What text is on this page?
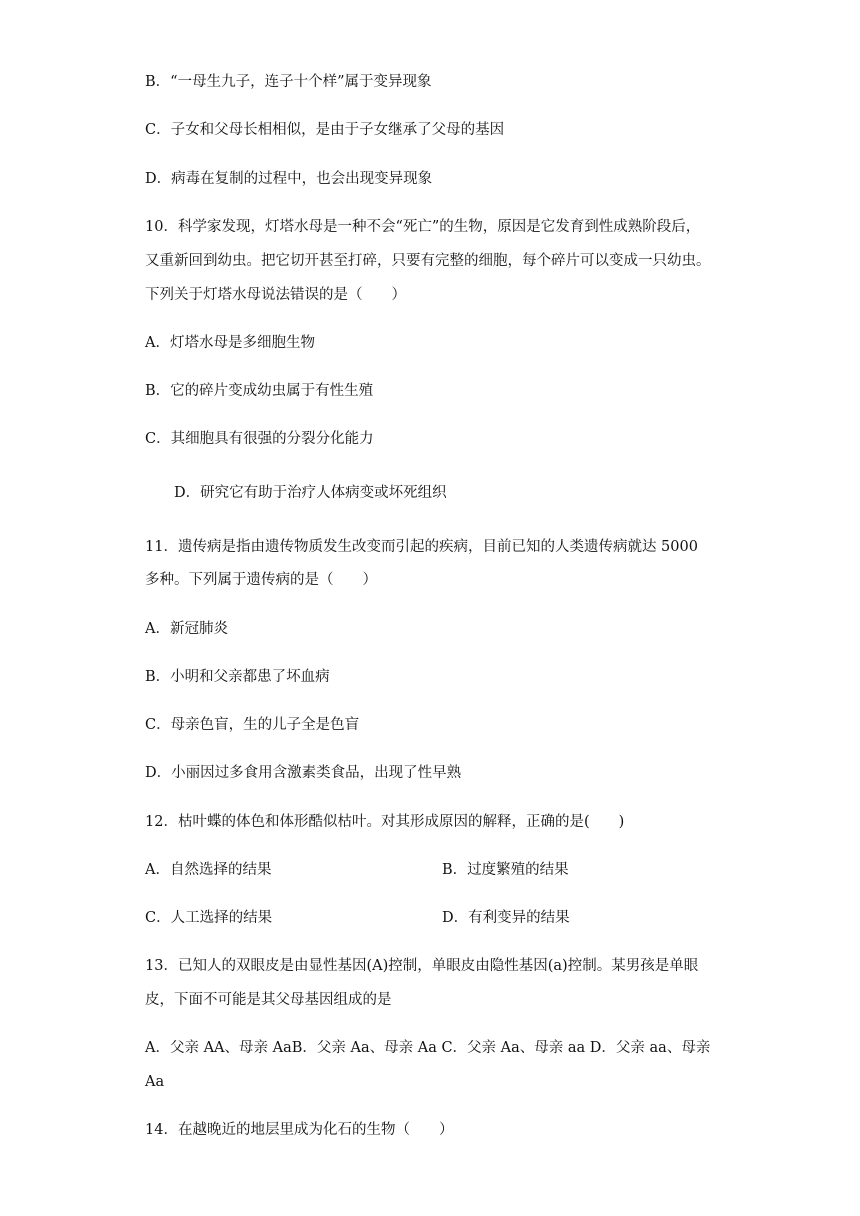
B．“一母生九子，连子十个样”属于变异现象
C．子女和父母长相相似，是由于子女继承了父母的基因
D．病毒在复制的过程中，也会出现变异现象
10．科学家发现，灯塔水母是一种不会“死亡”的生物，原因是它发育到性成熟阶段后，
又重新回到幼虫。把它切开甚至打碎，只要有完整的细胞，每个碎片可以变成一只幼虫。
下列关于灯塔水母说法错误的是（　　）
A．灯塔水母是多细胞生物
B．它的碎片变成幼虫属于有性生殖
C．其细胞具有很强的分裂分化能力
D．研究它有助于治疗人体病变或坏死组织
11．遗传病是指由遗传物质发生改变而引起的疾病，目前已知的人类遗传病就达 5000
多种。下列属于遗传病的是（　　）
A．新冠肺炎
B．小明和父亲都患了坏血病
C．母亲色盲，生的儿子全是色盲
D．小丽因过多食用含激素类食品，出现了性早熟
12．枯叶蝶的体色和体形酷似枯叶。对其形成原因的解释，正确的是(　　)
A．自然选择的结果	B．过度繁殖的结果
C．人工选择的结果	D．有利变异的结果
13．已知人的双眼皮是由显性基因(A)控制，单眼皮由隐性基因(a)控制。某男孩是单眼
皮，下面不可能是其父母基因组成的是
A．父亲 AA、母亲 AaB．父亲 Aa、母亲 Aa C．父亲 Aa、母亲 aa D．父亲 aa、母亲
Aa
14．在越晚近的地层里成为化石的生物（　　）
